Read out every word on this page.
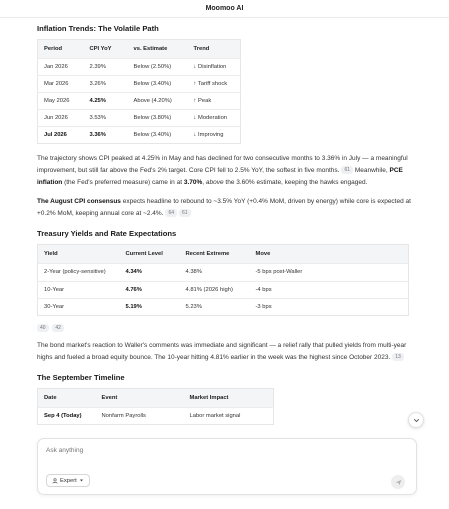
Moomoo AI
Inflation Trends: The Volatile Path
Period	CPI YoY	vs. Estimate	Trend
Jan 2026	2.39%	Below (2.50%)	↓ Disinflation
Mar 2026	3.26%	Below (3.40%)	↑ Tariff shock
May 2026	4.25%	Above (4.20%)	↑ Peak
Jun 2026	3.53%	Below (3.80%)	↓ Moderation
Jul 2026	3.36%	Below (3.40%)	↓ Improving

The trajectory shows CPI peaked at 4.25% in May and has declined for two consecutive months to 3.36% in July — a meaningful improvement, but still far above the Fed's 2% target. Core CPI fell to 2.5% YoY, the softest in five months. 61 Meanwhile, PCE inflation (the Fed's preferred measure) came in at 3.70%, above the 3.60% estimate, keeping the hawks engaged.

The August CPI consensus expects headline to rebound to ~3.5% YoY (+0.4% MoM, driven by energy) while core is expected at +0.2% MoM, keeping annual core at ~2.4%. 64 61

Treasury Yields and Rate Expectations
Yield	Current Level	Recent Extreme	Move
2-Year (policy-sensitive)	4.34%	4.38%	-5 bps post-Waller
10-Year	4.76%	4.81% (2026 high)	-4 bps
30-Year	5.19%	5.23%	-3 bps
40 42

The bond market's reaction to Waller's comments was immediate and significant — a relief rally that pulled yields from multi-year highs and fueled a broad equity bounce. The 10-year hitting 4.81% earlier in the week was the highest since October 2023. 13

The September Timeline
Date	Event	Market Impact
Sep 4 (Today)	Nonfarm Payrolls	Labor market signal
Ask anything
Expert
